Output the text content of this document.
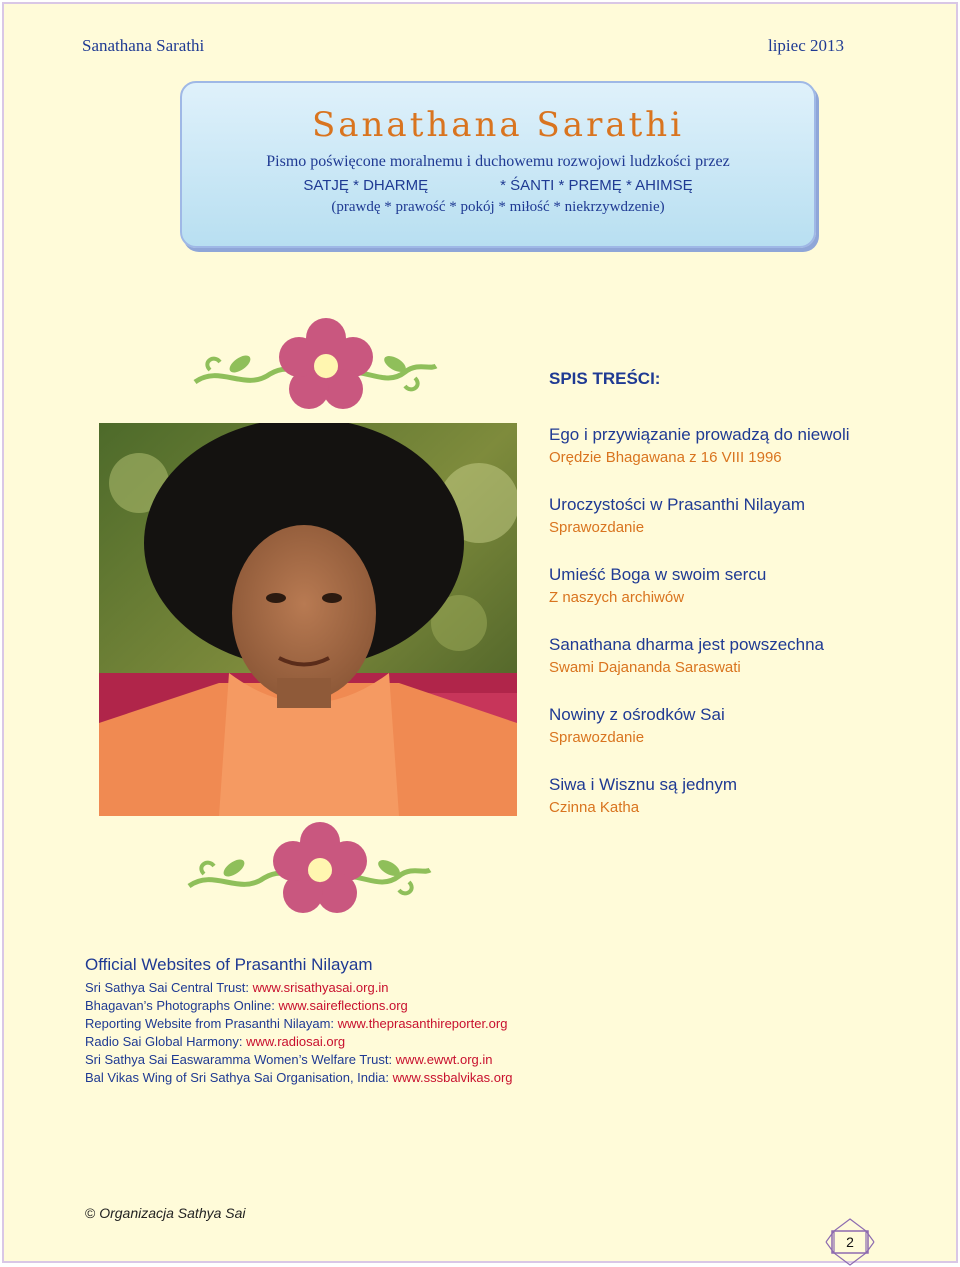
Sanathana Sarathi	lipiec 2013
Sanathana Sarathi
Pismo poświęcone moralnemu i duchowemu rozwojowi ludzkości przez
SATJĘ * DHARMĘ	* ŚANTI * PREMĘ * AHIMSĘ
(prawdę * prawość * pokój * miłość * niekrzywdzenie)
SPIS TREŚCI:
Ego i przywiązanie prowadzą do niewoli
Orędzie Bhagawana z 16 VIII 1996
Uroczystości w Prasanthi Nilayam
Sprawozdanie
Umieść Boga w swoim sercu
Z naszych archiwów
Sanathana dharma jest powszechna
Swami Dajananda Saraswati
Nowiny z ośrodków Sai
Sprawozdanie
Siwa i Wisznu są jednym
Czinna Katha
Official Websites of Prasanthi Nilayam
Sri Sathya Sai Central Trust: www.srisathyasai.org.in
Bhagavan’s Photographs Online: www.saireflections.org
Reporting Website from Prasanthi Nilayam: www.theprasanthireporter.org
Radio Sai Global Harmony: www.radiosai.org
Sri Sathya Sai Easwaramma Women’s Welfare Trust: www.ewwt.org.in
Bal Vikas Wing of Sri Sathya Sai Organisation, India: www.sssbalvikas.org
© Organizacja Sathya Sai
2
